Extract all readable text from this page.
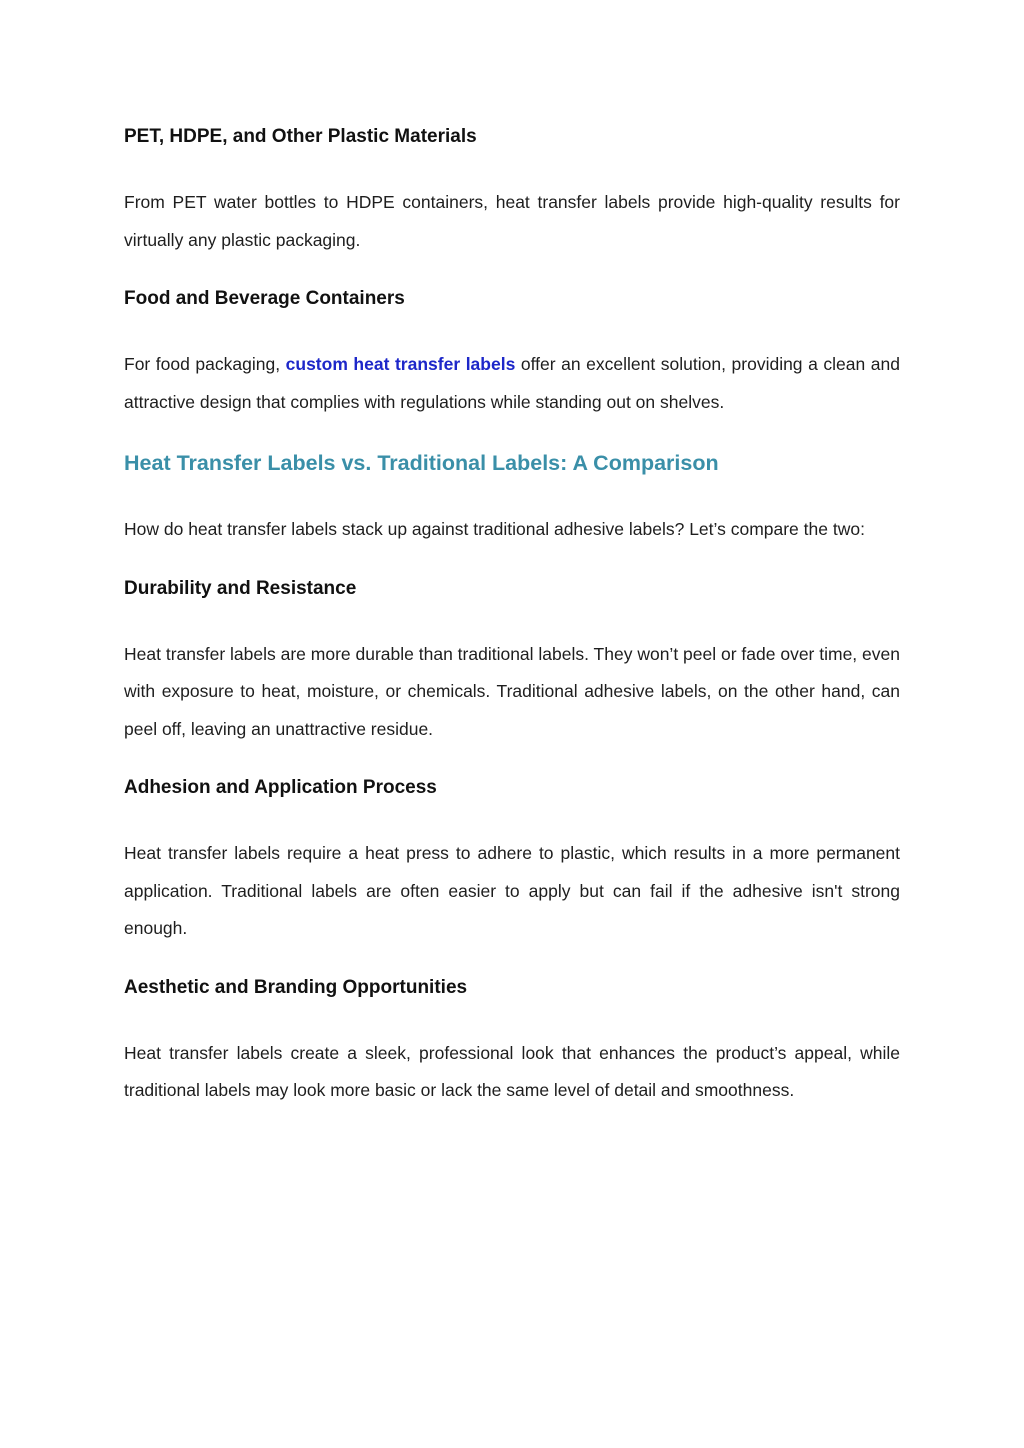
PET, HDPE, and Other Plastic Materials

From PET water bottles to HDPE containers, heat transfer labels provide high-quality results for virtually any plastic packaging.

Food and Beverage Containers

For food packaging, custom heat transfer labels offer an excellent solution, providing a clean and attractive design that complies with regulations while standing out on shelves.

Heat Transfer Labels vs. Traditional Labels: A Comparison

How do heat transfer labels stack up against traditional adhesive labels? Let’s compare the two:

Durability and Resistance

Heat transfer labels are more durable than traditional labels. They won’t peel or fade over time, even with exposure to heat, moisture, or chemicals. Traditional adhesive labels, on the other hand, can peel off, leaving an unattractive residue.

Adhesion and Application Process

Heat transfer labels require a heat press to adhere to plastic, which results in a more permanent application. Traditional labels are often easier to apply but can fail if the adhesive isn't strong enough.

Aesthetic and Branding Opportunities

Heat transfer labels create a sleek, professional look that enhances the product’s appeal, while traditional labels may look more basic or lack the same level of detail and smoothness.
